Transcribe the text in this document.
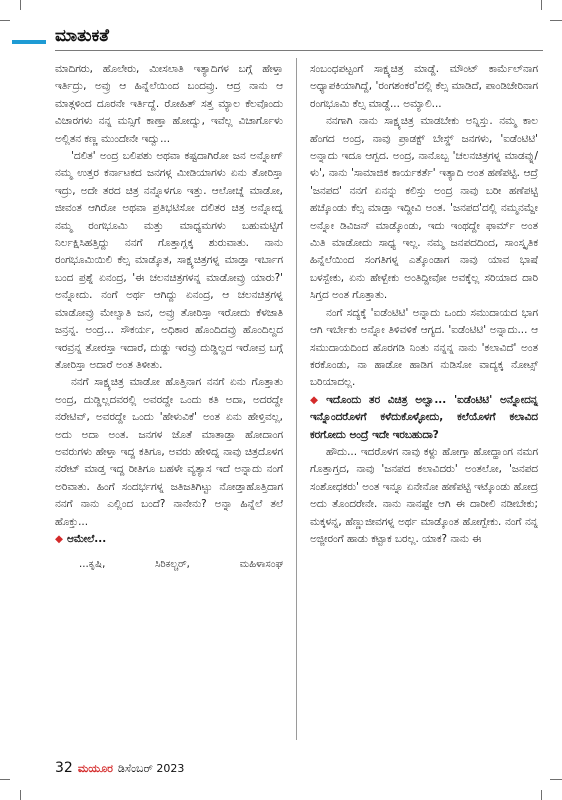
ಮಾತುಕತೆ

ಮಾದಿಗರು, ಹೊಲೇರು, ಮೀಸಲಾತಿ ಇತ್ಯಾದಿಗಳ ಬಗ್ಗೆ ಹೇಳ್ತಾ ಇರ್ತಿದ್ರು, ಅವ್ರು ಆ ಹಿನ್ನೆಲೆಯಿಂದ ಬಂದವ್ರು. ಆದ್ರ ನಾನು ಆ ಮಾತ್ಗಳಿಂದ ದೂರನೇ ಇರ್ತಿದ್ದೆ. ರೋಹಿತ್ ಸತ್ತ ಮ್ಯಾಲ ಕೆಲವೊಂದು ವಿಚಾರಗಳು ನನ್ನ ಮನ್ಸಿಗೆ ಕಾಣ್ತಾ ಹೋದ್ವು, ಇವೆಲ್ಲ ವಿಚಾರ್ಗೊಳು ಅಲ್ಲಿತನ ಕಣ್ಣ ಮುಂದೇನೇ ಇದ್ವು...

'ದಲಿತ' ಅಂದ್ರ ಬಲಿಪಶು ಅಥವಾ ಕಷ್ಟದಾಗಿರೋ ಜನ ಅನ್ನೋಗ್ ನಮ್ಮ ಉತ್ತರ ಕರ್ನಾಟಕದ ಜನಗಳ್ಗ ಮೀಡಿಯಾಗಳು ಏನು ತೋರಿಸ್ತಾ ಇದ್ರು, ಅದೇ ತರದ ಚಿತ್ರ ನನ್ನೊಳಗೂ ಇತ್ತು. ಆಲೋಚ್ನೆ ಮಾಡೋ, ಜೀವಂತ ಆಗಿರೋ ಅಥವಾ ಪ್ರತಿಭಟಿಸೋ ದಲಿತರ ಚಿತ್ರ ಅನ್ನೋದ್ನ ನಮ್ಮ ರಂಗಭೂಮಿ ಮತ್ತು ಮಾಧ್ಯಮಗಳು ಬಹುಮಟ್ಟಿಗೆ ನಿರ್ಲಕ್ಷಿಸಿಹತ್ತಿದ್ದು ನನಗೆ ಗೊತ್ತಾಗ್ಲಕ್ಕ ಶುರುವಾತು. ನಾನು ರಂಗಭೂಮಿಯಿಲಿ ಕೆಲ್ಸ ಮಾಡ್ಕೊತ, ಸಾಕ್ಷ್ಯಚಿತ್ರಗಳ್ನ ಮಾಡ್ತಾ ಇರ್ಬಾಗ ಬಂದ ಪ್ರಶ್ನೆ ಏನಂದ್ರ, 'ಈ ಚಲನಚಿತ್ರಗಳನ್ನ ಮಾಡೋವ್ರು ಯಾರು?' ಅನ್ನೋದು. ನಂಗೆ ಅರ್ಥ ಆಗಿದ್ದು ಏನಂದ್ರ, ಆ ಚಲನಚಿತ್ರಗಳ್ನ ಮಾಡೋವ್ರು ಮೇಲ್ವಾತಿ ಜನ, ಅವ್ರು ತೋರಿಸ್ತಾ ಇರೋದು ಕೆಳಜಾತಿ ಜನ್ರನ್ನ. ಅಂದ್ರ... ಸೌಕರ್ಯ, ಅಧಿಕಾರ ಹೊಂದಿದವ್ರು ಹೊಂದಿಲ್ದದ ಇರವ್ರನ್ನ ತೋರಸ್ತಾ ಇದಾರೆ, ದುಡ್ಡು ಇರವ್ರು ದುಡ್ಡಿಲ್ದದ ಇರೋವ್ರ ಬಗ್ಗೆ ತೋರಿಸ್ತಾ ಅದಾರೆ ಅಂತ ತಿಳೀತು.

ನನಗೆ ಸಾಕ್ಷ್ಯಚಿತ್ರ ಮಾಡೋ ಹೊತ್ತಿನಾಗ ನನಗೆ ಏನು ಗೊತ್ತಾತು ಅಂದ್ರ, ದುಡ್ಡಿಲ್ಲದವರಲ್ಲಿ ಅವರದ್ದೇ ಒಂದು ಕತಿ ಅದಾ, ಅದರದ್ದೇ ನರೇಟಿವ್, ಅವರದ್ದೇ ಒಂದು 'ಹೇಳುವಿಕೆ' ಅಂತ ಏನು ಹೇಳ್ತಿವಲ್ಲ, ಅದು ಅದಾ ಅಂತ. ಜನಗಳ ಜೊತೆ ಮಾತಾಡ್ತಾ ಹೋದಾಂಗ ಅವರುಗಳು ಹೇಳ್ತಾ ಇದ್ದ ಕತಿಗೂ, ಅವರು ಹೇಳಿದ್ನ ನಾವು ಚಿತ್ರದೊಳಗ ನರೇಟ್ ಮಾಡ್ತ ಇದ್ದ ರೀತಿಗೂ ಬಹಳೇ ವ್ಯತ್ಯಾಸ ಇದೆ ಅನ್ನಾದು ನಂಗೆ ಅರಿವಾತು. ಹಿಂಗೆ ಸಂದರ್ಭಗಳ್ನ ಜತಿಜತಿಗಿಟ್ಟು ನೋಡ್ತಾಹೊತ್ತಿದಾಗ ನನಗೆ ನಾನು ಎಲ್ಲಿಂದ ಬಂದೆ? ನಾನೇನು? ಅನ್ನಾ ಹಿನ್ನೆಲೆ ತಲೆ ಹೊಕ್ತು...

◆ ಆಮೇಲೆ...

...ಕೃಷಿ,	ಸಿರಿಕಲ್ಚರ್,	ಮಹಿಳಾಸಂಘ

ಸಂಬಂಧಪಟ್ಟಂಗೆ ಸಾಕ್ಷ್ಯಚಿತ್ರ ಮಾಡ್ದೆ. ಮೌಂಟ್ ಕಾರ್ಮೆಲ್‌ನಾಗ ಅಧ್ಯಾಪಕಿಯಾಗಿದ್ದೆ, 'ರಂಗಶಂಕರ'ದಲ್ಲಿ ಕೆಲ್ಸ ಮಾಡಿದೆ, ಪಾಂಡಿಚೇರಿನಾಗ ರಂಗಭೂಮಿ ಕೆಲ್ಸ ಮಾಡ್ದೆ... ಅಮ್ಯಾಲಿ...

ನನಗಾಗಿ ನಾನು ಸಾಕ್ಷ್ಯಚಿತ್ರ ಮಾಡಬೇಕು ಅನ್ನಿಸ್ತು. ನಮ್ಮ ಕಾಲ ಹೆಂಗದ ಅಂದ್ರ, ನಾವು ಪ್ರಾಡಕ್ಟ್ ಬೇಸ್ಡ್ ಜನಗಳು, 'ಐಡೆಂಟಿಟಿ' ಅನ್ನಾದು ಇದೂ ಆಗ್ಬದ. ಅಂದ್ರ, ನಾನೊಬ್ಬ 'ಚಲನಚಿತ್ರಗಳ್ನ ಮಾಡವ್ನು/ಳು', ನಾನು 'ಸಾಮಾಜಿಕ ಕಾರ್ಯಕರ್ತೆ' ಇತ್ಯಾದಿ ಅಂತ ಹಣೆಪಟ್ಟಿ. ಆದ್ರೆ 'ಜನಪದ' ನನಗೆ ಏನನ್ನು ಕಲಿಸ್ತು ಅಂದ್ರ ನಾವು ಬರೀ ಹಣೆಪಟ್ಟಿ ಹಚ್ಕೊಂಡು ಕೆಲ್ಸ ಮಾಡ್ತಾ ಇದ್ದೀವಿ ಅಂತ. 'ಜನಪದ'ದಲ್ಲಿ ನಮ್ಮನಮ್ದೇ ಅನ್ನೋ ಡಿವಿಜನ್ ಮಾಡ್ಕೊಂಡು, ಇದು ಇಂಥದ್ದೇ ಫಾರ್ಮ್ ಅಂತ ಮಿತಿ ಮಾಡೋದು ಸಾಧ್ಯ ಇಲ್ಲ. ನಮ್ಮ ಜನಪದದಿಂದ, ಸಾಂಸ್ಕೃತಿಕ ಹಿನ್ನೆಲೆಯಿಂದ ಸಂಗತಿಗಳ್ನ ಎತ್ಕೊಂಡಾಗ ನಾವು ಯಾವ ಭಾಷೆ ಬಳಸ್ಬೇಕು, ಏನು ಹೇಳ್ಬೇಕು ಅಂತಿದ್ದೀವೋ ಅವಕ್ಕೆಲ್ಲ ಸರಿಯಾದ ದಾರಿ ಸಿಗ್ತದ ಅಂತ ಗೊತ್ತಾತು.

ನಂಗೆ ಸದ್ಯಕ್ಕೆ 'ಐಡೆಂಟಿಟಿ' ಅನ್ನಾದು ಒಂದು ಸಮುದಾಯದ ಭಾಗ ಆಗಿ ಇರ್ಬೇಕು ಅನ್ನೋ ತಿಳಿವಳಿಕೆ ಆಗ್ಯದ. 'ಐಡೆಂಟಿಟಿ' ಅನ್ನಾದು... ಆ ಸಮುದಾಯದಿಂದ ಹೊರಗಡಿ ನಿಂತು ನನ್ನನ್ನ ನಾನು 'ಕಲಾವಿದೆ' ಅಂತ ಕರಕೊಂಡು, ನಾ ಹಾಡೋ ಹಾಡಿಗ ನುಡಿಸೋ ವಾದ್ಯಕ್ಕ ನೋಟ್ಸ್ ಬರಿಯಾದಲ್ಲ.

◆ ಇದೊಂದು ತರ ವಿಚಿತ್ರ ಅಲ್ವಾ... 'ಐಡೆಂಟಿಟಿ' ಅನ್ನೋದನ್ನ ಇನ್ನೊಂದರೊಳಗೆ ಕಳೆದುಕೊಳ್ಳೋದು, ಕಲೆಯೊಳಗೆ ಕಲಾವಿದ ಕರಗೋದು ಅಂದ್ರೆ ಇದೇ ಇರಬಹುದಾ?

ಹೌದು... ಇದರೊಳಗ ನಾವು ಕಳ್ದು ಹೋಗ್ತಾ ಹೋದ್ಹಾಂಗ ನಮಗ ಗೊತ್ತಾಗ್ತದ, ನಾವು 'ಜನಪದ ಕಲಾವಿದರು' ಅಂತಲೋ, 'ಜನಪದ ಸಂಶೋಧಕರು' ಅಂತ ಇನ್ನೂ ಏನೇನೋ ಹಣೆಪಟ್ಟಿ ಇಟ್ಕೊಂಡು ಹೋದ್ರ ಅದು ತೊಂದರೇನೇ. ನಾನು ನಾನಷ್ಟೇ ಆಗಿ ಈ ದಾರೀಲಿ ನಡೀಬೇಕು; ಮಕ್ಕಳನ್ನ, ಹೆಣ್ಣುಜೀವಗಳ್ನ ಅರ್ಥ ಮಾಡ್ಕೊಂತ ಹೋಗ್ಬೇಕು. ನಂಗೆ ನನ್ನ ಅಜ್ಜೀರಂಗೆ ಹಾಡು ಕಟ್ಟಾಕ ಬರಲ್ಲ. ಯಾಕ? ನಾನು ಈ

32 ಮಯೂರ ಡಿಸೆಂಬರ್ 2023
